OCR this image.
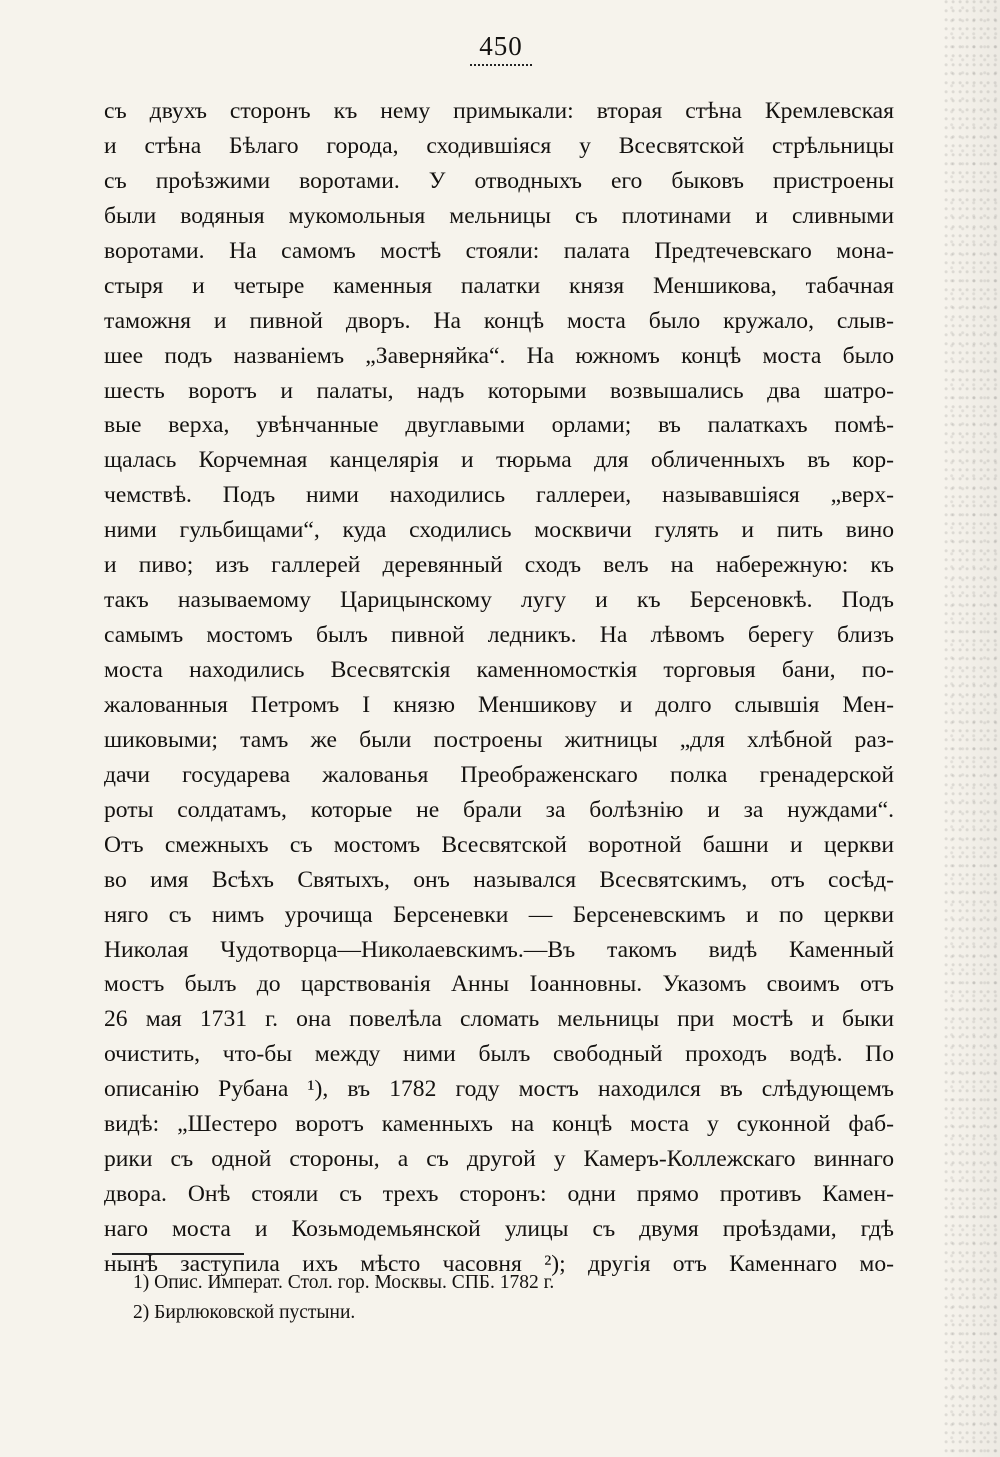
450
съ двухъ сторонъ къ нему примыкали: вторая стѣна Кремлевская
и стѣна Бѣлаго города, сходившіяся у Всесвятской стрѣльницы
съ проѣзжими воротами. У отводныхъ его быковъ пристроены
были водяныя мукомольныя мельницы съ плотинами и сливными
воротами. На самомъ мостѣ стояли: палата Предтечевскаго мона-
стыря и четыре каменныя палатки князя Меншикова, табачная
таможня и пивной дворъ. На концѣ моста было кружало, слыв-
шее подъ названіемъ „Заверняйка“. На южномъ концѣ моста было
шесть воротъ и палаты, надъ которыми возвышались два шатро-
вые верха, увѣнчанные двуглавыми орлами; въ палаткахъ помѣ-
щалась Корчемная канцелярія и тюрьма для обличенныхъ въ кор-
чемствѣ. Подъ ними находились галлереи, называвшіяся „верх-
ними гульбищами“, куда сходились москвичи гулять и пить вино
и пиво; изъ галлерей деревянный сходъ велъ на набережную: къ
такъ называемому Царицынскому лугу и къ Берсеновкѣ. Подъ
самымъ мостомъ былъ пивной ледникъ. На лѣвомъ берегу близъ
моста находились Всесвятскія каменномосткія торговыя бани, по-
жалованныя Петромъ I князю Меншикову и долго слывшія Мен-
шиковыми; тамъ же были построены житницы „для хлѣбной раз-
дачи государева жалованья Преображенскаго полка гренадерской
роты солдатамъ, которые не брали за болѣзнію и за нуждами“.
Отъ смежныхъ съ мостомъ Всесвятской воротной башни и церкви
во имя Всѣхъ Святыхъ, онъ назывался Всесвятскимъ, отъ сосѣд-
няго съ нимъ урочища Берсеневки — Берсеневскимъ и по церкви
Николая Чудотворца—Николаевскимъ.—Въ такомъ видѣ Каменный
мостъ былъ до царствованія Анны Іоанновны. Указомъ своимъ отъ
26 мая 1731 г. она повелѣла сломать мельницы при мостѣ и быки
очистить, что-бы между ними былъ свободный проходъ водѣ. По
описанію Рубана ¹), въ 1782 году мостъ находился въ слѣдующемъ
видѣ: „Шестеро воротъ каменныхъ на концѣ моста у суконной фаб-
рики съ одной стороны, а съ другой у Камеръ-Коллежскаго виннаго
двора. Онѣ стояли съ трехъ сторонъ: одни прямо противъ Камен-
наго моста и Козьмодемьянской улицы съ двумя проѣздами, гдѣ
нынѣ заступила ихъ мѣсто часовня ²); другія отъ Каменнаго мо-
1) Опис. Императ. Стол. гор. Москвы. СПБ. 1782 г.
2) Бирлюковской пустыни.
